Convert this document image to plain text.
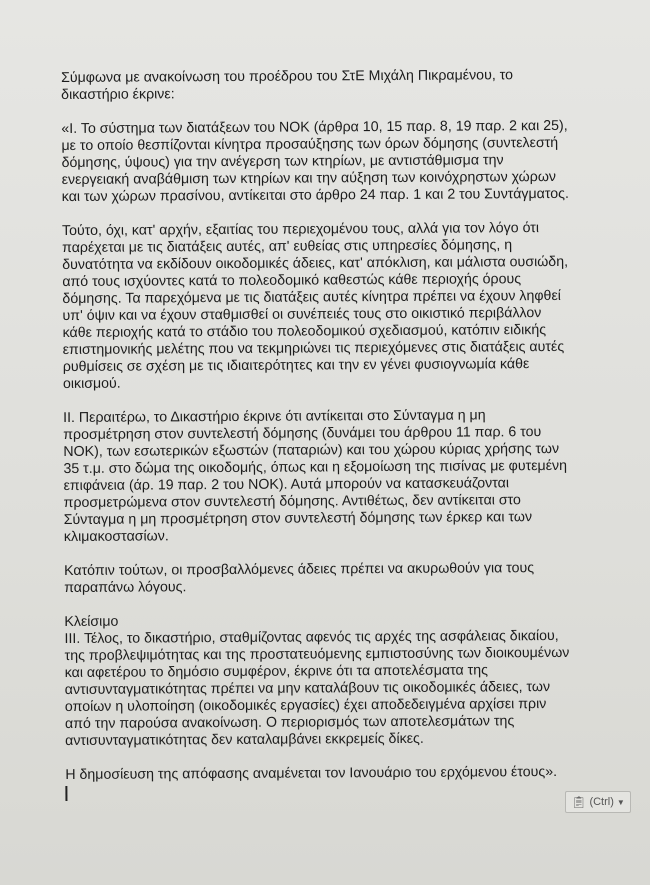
Σύμφωνα με ανακοίνωση του προέδρου του ΣτΕ Μιχάλη Πικραμένου, το
δικαστήριο έκρινε:

«Ι. Το σύστημα των διατάξεων του ΝΟΚ (άρθρα 10, 15 παρ. 8, 19 παρ. 2 και 25),
με το οποίο θεσπίζονται κίνητρα προσαύξησης των όρων δόμησης (συντελεστή
δόμησης, ύψους) για την ανέγερση των κτηρίων, με αντιστάθμισμα την
ενεργειακή αναβάθμιση των κτηρίων και την αύξηση των κοινόχρηστων χώρων
και των χώρων πρασίνου, αντίκειται στο άρθρο 24 παρ. 1 και 2 του Συντάγματος.

Τούτο, όχι, κατ' αρχήν, εξαιτίας του περιεχομένου τους, αλλά για τον λόγο ότι
παρέχεται με τις διατάξεις αυτές, απ' ευθείας στις υπηρεσίες δόμησης, η
δυνατότητα να εκδίδουν οικοδομικές άδειες, κατ' απόκλιση, και μάλιστα ουσιώδη,
από τους ισχύοντες κατά το πολεοδομικό καθεστώς κάθε περιοχής όρους
δόμησης. Τα παρεχόμενα με τις διατάξεις αυτές κίνητρα πρέπει να έχουν ληφθεί
υπ' όψιν και να έχουν σταθμισθεί οι συνέπειές τους στο οικιστικό περιβάλλον
κάθε περιοχής κατά το στάδιο του πολεοδομικού σχεδιασμού, κατόπιν ειδικής
επιστημονικής μελέτης που να τεκμηριώνει τις περιεχόμενες στις διατάξεις αυτές
ρυθμίσεις σε σχέση με τις ιδιαιτερότητες και την εν γένει φυσιογνωμία κάθε
οικισμού.

ΙΙ. Περαιτέρω, το Δικαστήριο έκρινε ότι αντίκειται στο Σύνταγμα η μη
προσμέτρηση στον συντελεστή δόμησης (δυνάμει του άρθρου 11 παρ. 6 του
ΝΟΚ), των εσωτερικών εξωστών (παταριών) και του χώρου κύριας χρήσης των
35 τ.μ. στο δώμα της οικοδομής, όπως και η εξομοίωση της πισίνας με φυτεμένη
επιφάνεια (άρ. 19 παρ. 2 του ΝΟΚ). Αυτά μπορούν να κατασκευάζονται
προσμετρώμενα στον συντελεστή δόμησης. Αντιθέτως, δεν αντίκειται στο
Σύνταγμα η μη προσμέτρηση στον συντελεστή δόμησης των έρκερ και των
κλιμακοστασίων.

Κατόπιν τούτων, οι προσβαλλόμενες άδειες πρέπει να ακυρωθούν για τους
παραπάνω λόγους.

Κλείσιμο
ΙΙΙ. Τέλος, το δικαστήριο, σταθμίζοντας αφενός τις αρχές της ασφάλειας δικαίου,
της προβλεψιμότητας και της προστατευόμενης εμπιστοσύνης των διοικουμένων
και αφετέρου το δημόσιο συμφέρον, έκρινε ότι τα αποτελέσματα της
αντισυνταγματικότητας πρέπει να μην καταλάβουν τις οικοδομικές άδειες, των
οποίων η υλοποίηση (οικοδομικές εργασίες) έχει αποδεδειγμένα αρχίσει πριν
από την παρούσα ανακοίνωση. Ο περιορισμός των αποτελεσμάτων της
αντισυνταγματικότητας δεν καταλαμβάνει εκκρεμείς δίκες.

Η δημοσίευση της απόφασης αναμένεται τον Ιανουάριο του ερχόμενου έτους».

📋︎ (Ctrl) ▼
